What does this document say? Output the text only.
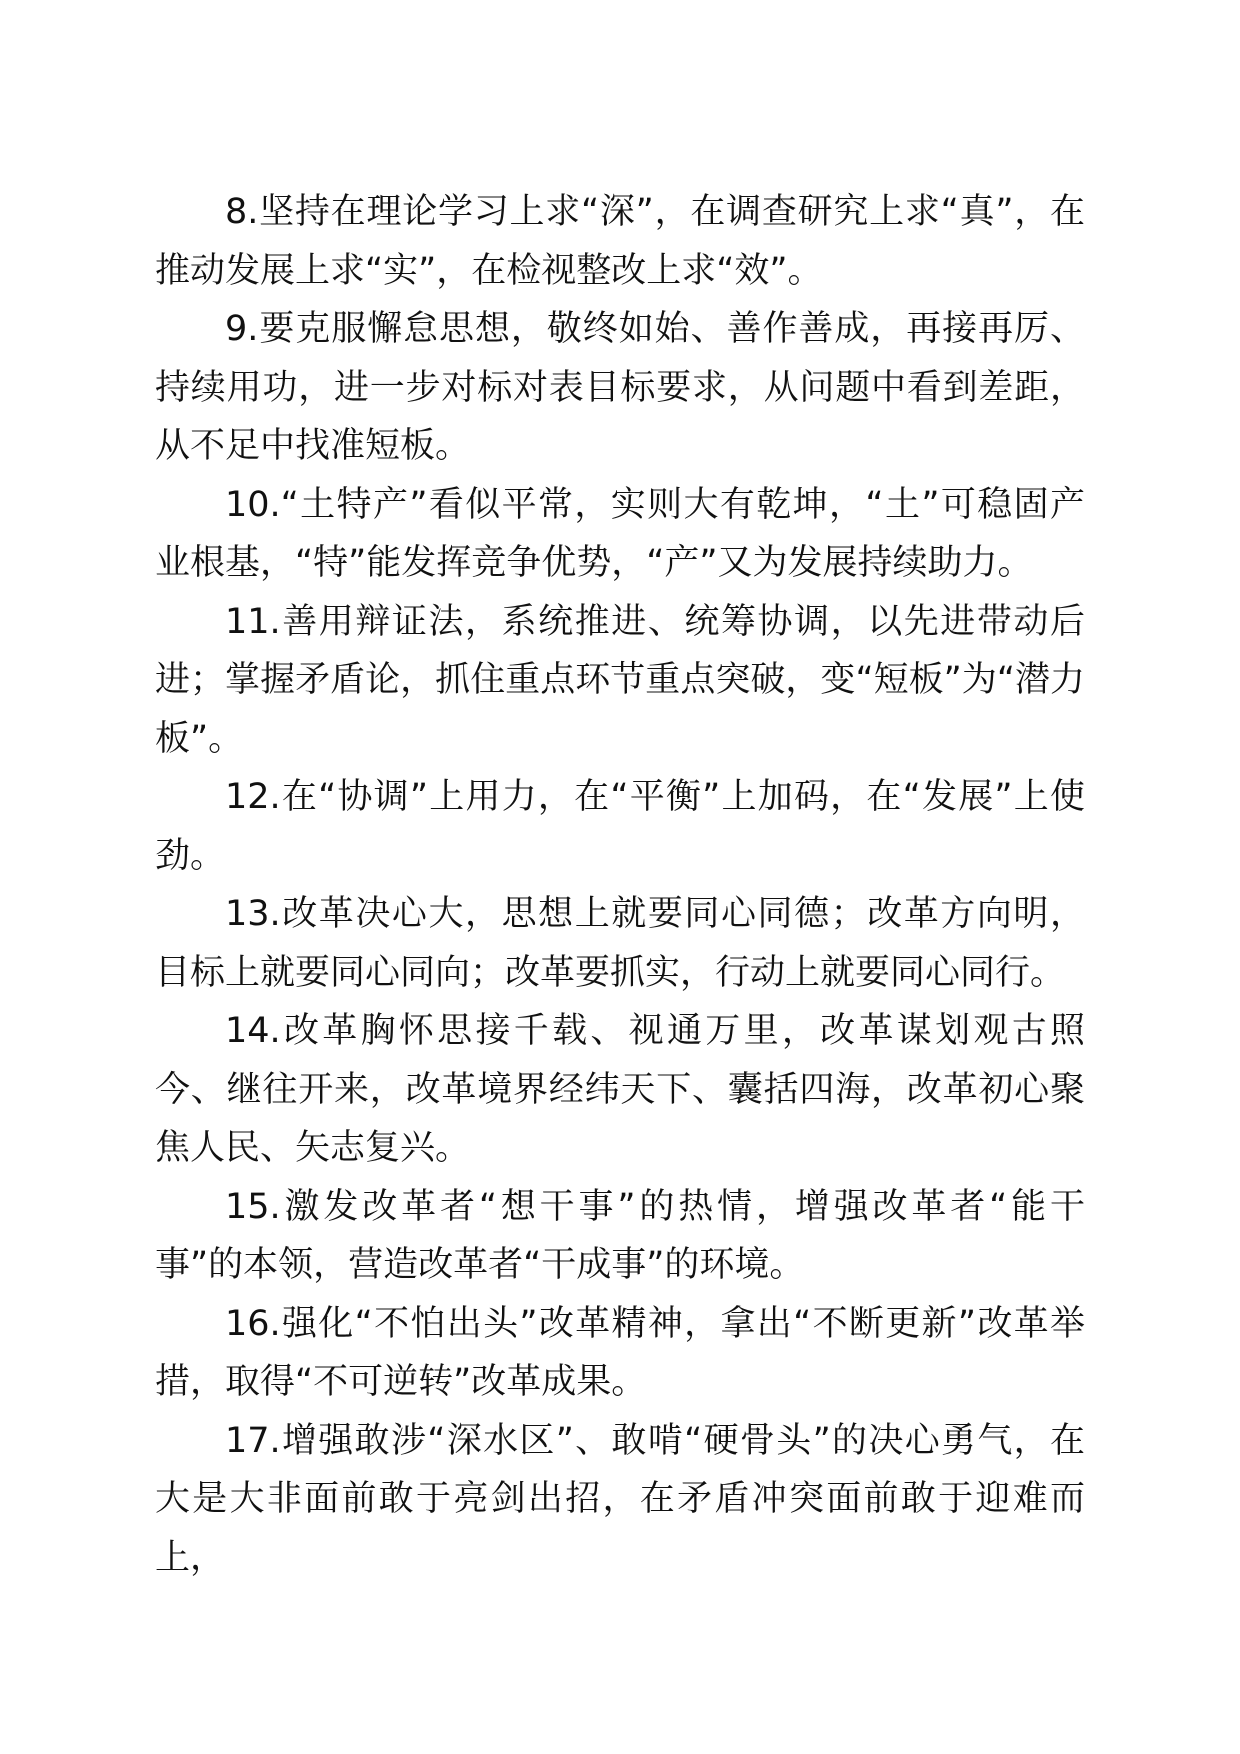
8.坚持在理论学习上求“深”，在调查研究上求“真”，在推动发展上求“实”，在检视整改上求“效”。

9.要克服懈怠思想，敬终如始、善作善成，再接再厉、持续用功，进一步对标对表目标要求，从问题中看到差距，从不足中找准短板。

10.“土特产”看似平常，实则大有乾坤，“土”可稳固产业根基，“特”能发挥竞争优势，“产”又为发展持续助力。

11.善用辩证法，系统推进、统筹协调，以先进带动后进；掌握矛盾论，抓住重点环节重点突破，变“短板”为“潜力板”。

12.在“协调”上用力，在“平衡”上加码，在“发展”上使劲。

13.改革决心大，思想上就要同心同德；改革方向明，目标上就要同心同向；改革要抓实，行动上就要同心同行。

14.改革胸怀思接千载、视通万里，改革谋划观古照今、继往开来，改革境界经纬天下、囊括四海，改革初心聚焦人民、矢志复兴。

15.激发改革者“想干事”的热情，增强改革者“能干事”的本领，营造改革者“干成事”的环境。

16.强化“不怕出头”改革精神，拿出“不断更新”改革举措，取得“不可逆转”改革成果。

17.增强敢涉“深水区”、敢啃“硬骨头”的决心勇气，在大是大非面前敢于亮剑出招，在矛盾冲突面前敢于迎难而上，
